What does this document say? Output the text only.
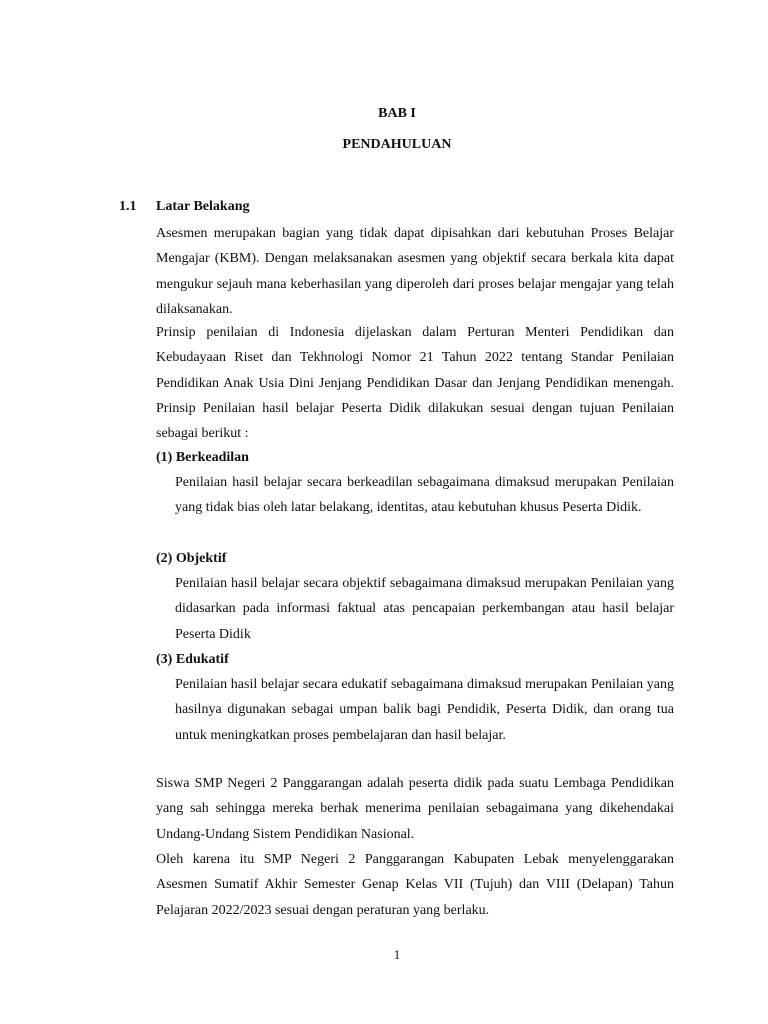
BAB I
PENDAHULUAN
1.1 Latar Belakang
Asesmen merupakan bagian yang tidak dapat dipisahkan dari kebutuhan Proses Belajar Mengajar (KBM). Dengan melaksanakan asesmen yang objektif secara berkala kita dapat mengukur sejauh mana keberhasilan yang diperoleh dari proses belajar mengajar yang telah dilaksanakan.
Prinsip penilaian di Indonesia dijelaskan dalam Perturan Menteri Pendidikan dan Kebudayaan Riset dan Tekhnologi Nomor 21 Tahun 2022 tentang Standar Penilaian Pendidikan Anak Usia Dini Jenjang Pendidikan Dasar dan Jenjang Pendidikan menengah. Prinsip Penilaian hasil belajar Peserta Didik dilakukan sesuai dengan tujuan Penilaian sebagai berikut :
(1) Berkeadilan
Penilaian hasil belajar secara berkeadilan sebagaimana dimaksud merupakan Penilaian yang tidak bias oleh latar belakang, identitas, atau kebutuhan khusus Peserta Didik.
(2) Objektif
Penilaian hasil belajar secara objektif sebagaimana dimaksud merupakan Penilaian yang didasarkan pada informasi faktual atas pencapaian perkembangan atau hasil belajar Peserta Didik
(3) Edukatif
Penilaian hasil belajar secara edukatif sebagaimana dimaksud merupakan Penilaian yang hasilnya digunakan sebagai umpan balik bagi Pendidik, Peserta Didik, dan orang tua untuk meningkatkan proses pembelajaran dan hasil belajar.
Siswa SMP Negeri 2 Panggarangan adalah peserta didik pada suatu Lembaga Pendidikan yang sah sehingga mereka berhak menerima penilaian sebagaimana yang dikehendakai Undang-Undang Sistem Pendidikan Nasional.
Oleh karena itu SMP Negeri 2 Panggarangan Kabupaten Lebak menyelenggarakan Asesmen Sumatif Akhir Semester Genap Kelas VII (Tujuh) dan VIII (Delapan) Tahun Pelajaran 2022/2023 sesuai dengan peraturan yang berlaku.
1
